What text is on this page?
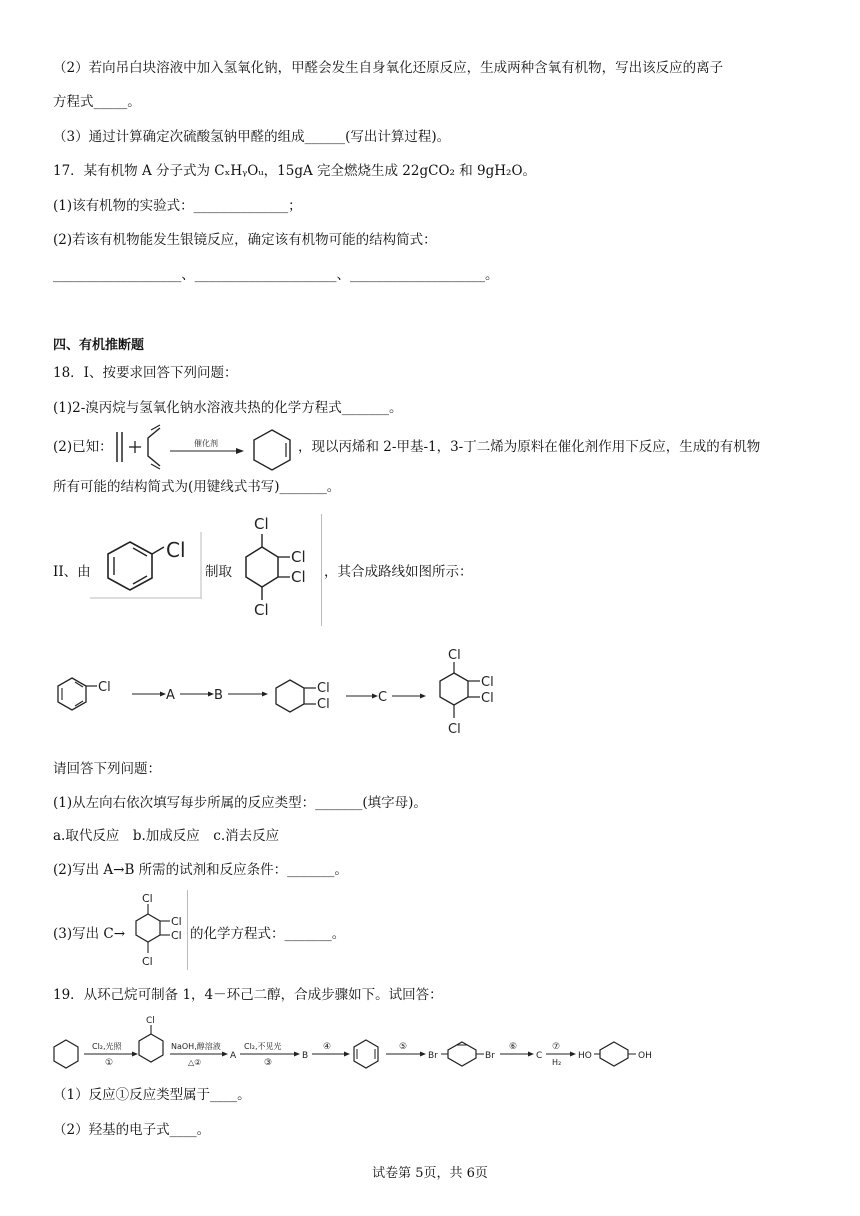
（2）若向吊白块溶液中加入氢氧化钠，甲醛会发生自身氧化还原反应，生成两种含氧有机物，写出该反应的离子
方程式_____。
（3）通过计算确定次硫酸氢钠甲醛的组成______(写出计算过程)。
17．某有机物 A 分子式为 CₓHᵧOᵤ，15gA 完全燃烧生成 22gCO₂ 和 9gH₂O。
(1)该有机物的实验式：______________；
(2)若该有机物能发生银镜反应，确定该有机物可能的结构简式：
___________________、_____________________、____________________。
四、有机推断题
18．I、按要求回答下列问题：
(1)2-溴丙烷与氢氧化钠水溶液共热的化学方程式_______。
(2)已知：	催化剂	，现以丙烯和 2-甲基-1，3-丁二烯为原料在催化剂作用下反应，生成的有机物
所有可能的结构简式为(用键线式书写)_______。
II、由
Cl
制取
Cl
Cl
Cl
Cl
，其合成路线如图所示：
Cl
A	B	Cl
Cl	C
Cl
Cl
Cl
Cl
请回答下列问题：
(1)从左向右依次填写每步所属的反应类型：_______(填字母)。
a.取代反应　b.加成反应　c.消去反应
(2)写出 A→B 所需的试剂和反应条件：_______。
(3)写出 C→
Cl
Cl
Cl
Cl
的化学方程式：_______。
19．从环己烷可制备 1，4－环己二醇，合成步骤如下。试回答：
Cl₂,光照
①
Cl
NaOH,醇溶液
△②
A
Cl₂,不见光
③
B
④	⑤
Br	Br
⑥
C
⑦
H₂
HO	OH
（1）反应①反应类型属于____。
（2）羟基的电子式____。
试卷第 5页，共 6页
